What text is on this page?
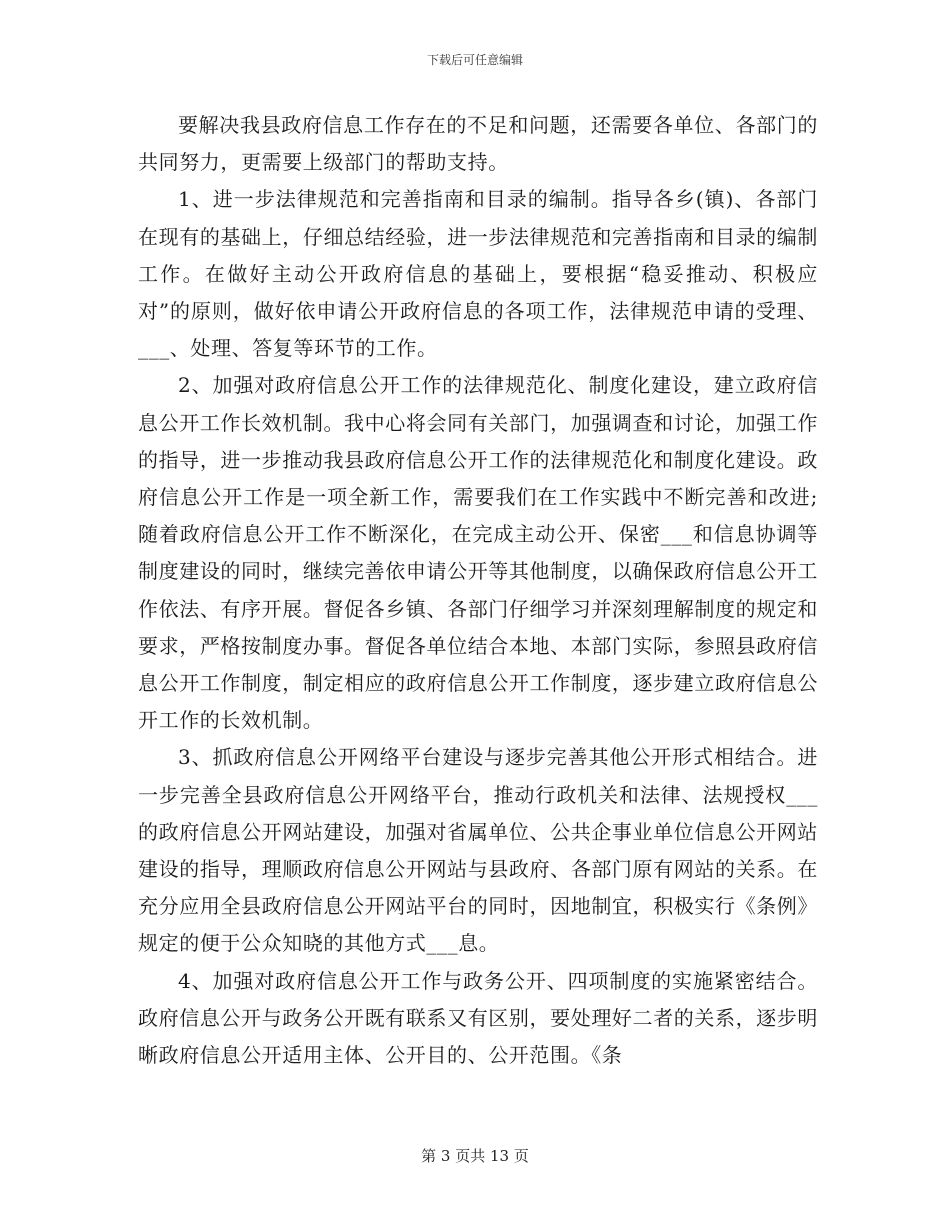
下载后可任意编辑

要解决我县政府信息工作存在的不足和问题，还需要各单位、各部门的共同努力，更需要上级部门的帮助支持。

1、进一步法律规范和完善指南和目录的编制。指导各乡(镇)、各部门在现有的基础上，仔细总结经验，进一步法律规范和完善指南和目录的编制工作。在做好主动公开政府信息的基础上，要根据“稳妥推动、积极应对”的原则，做好依申请公开政府信息的各项工作，法律规范申请的受理、___、处理、答复等环节的工作。

2、加强对政府信息公开工作的法律规范化、制度化建设，建立政府信息公开工作长效机制。我中心将会同有关部门，加强调查和讨论，加强工作的指导，进一步推动我县政府信息公开工作的法律规范化和制度化建设。政府信息公开工作是一项全新工作，需要我们在工作实践中不断完善和改进;随着政府信息公开工作不断深化，在完成主动公开、保密___和信息协调等制度建设的同时，继续完善依申请公开等其他制度，以确保政府信息公开工作依法、有序开展。督促各乡镇、各部门仔细学习并深刻理解制度的规定和要求，严格按制度办事。督促各单位结合本地、本部门实际，参照县政府信息公开工作制度，制定相应的政府信息公开工作制度，逐步建立政府信息公开工作的长效机制。

3、抓政府信息公开网络平台建设与逐步完善其他公开形式相结合。进一步完善全县政府信息公开网络平台，推动行政机关和法律、法规授权___的政府信息公开网站建设，加强对省属单位、公共企事业单位信息公开网站建设的指导，理顺政府信息公开网站与县政府、各部门原有网站的关系。在充分应用全县政府信息公开网站平台的同时，因地制宜，积极实行《条例》规定的便于公众知晓的其他方式___息。

4、加强对政府信息公开工作与政务公开、四项制度的实施紧密结合。政府信息公开与政务公开既有联系又有区别，要处理好二者的关系，逐步明晰政府信息公开适用主体、公开目的、公开范围。《条

第 3 页共 13 页
